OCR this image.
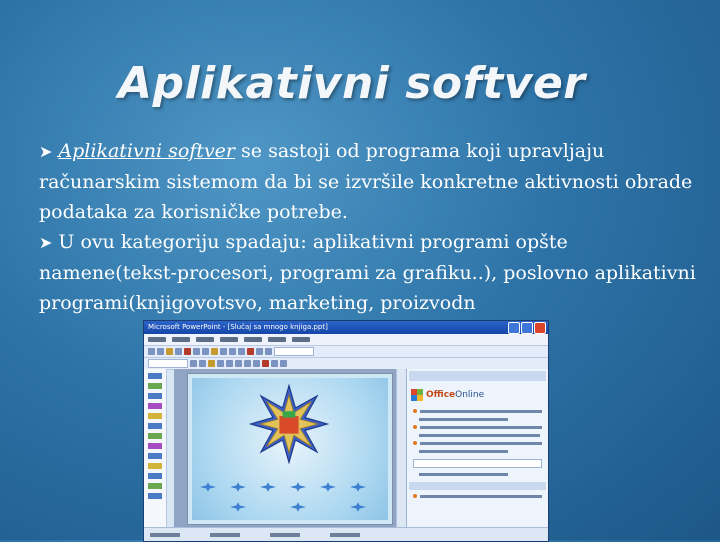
Aplikativni softver

➤ Aplikativni softver se sastoji od programa koji upravljaju računarskim sistemom da bi se izvršile konkretne aktivnosti obrade podataka za korisničke potrebe.

➤ U ovu kategoriju spadaju: aplikativni programi opšte namene(tekst-procesori, programi za grafiku..), poslovno aplikativni programi(knjigovotsvo, marketing, proizvodn

Microsoft PowerPoint - [Slučaj sa mnogo knjiga.ppt]
OfficeOnline
